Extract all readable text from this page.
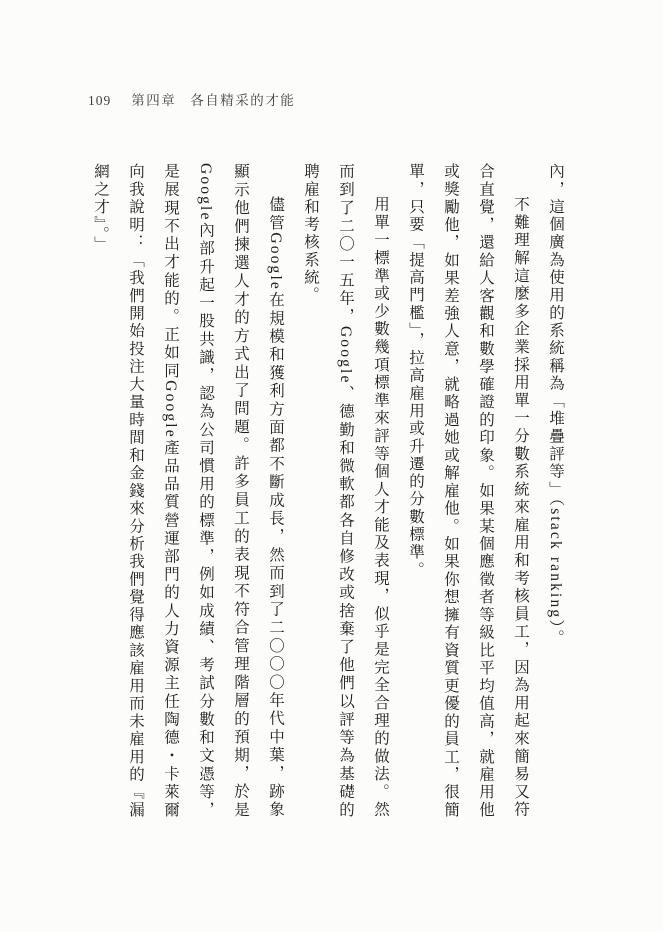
109 第四章 各自精采的才能

內，這個廣為使用的系統稱為「堆疊評等」（stack ranking）。

不難理解這麼多企業採用單一分數系統來雇用和考核員工，因為用起來簡易又符合直覺，還給人客觀和數學確證的印象。如果某個應徵者等級比平均值高，就雇用他或獎勵他，如果差強人意，就略過她或解雇他。如果你想擁有資質更優的員工，很簡單，只要「提高門檻」，拉高雇用或升遷的分數標準。

用單一標準或少數幾項標準來評等個人才能及表現，似乎是完全合理的做法。然而到了二〇一五年，Google、德勤和微軟都各自修改或捨棄了他們以評等為基礎的聘雇和考核系統。

儘管Google在規模和獲利方面都不斷成長，然而到了二〇〇〇年代中葉，跡象顯示他們揀選人才的方式出了問題。許多員工的表現不符合管理階層的預期，於是Google內部升起一股共識，認為公司慣用的標準，例如成績、考試分數和文憑等，是展現不出才能的。正如同Google產品品質營運部門的人力資源主任陶德・卡萊爾向我說明：「我們開始投注大量時間和金錢來分析我們覺得應該雇用而未雇用的『漏網之才』。」
